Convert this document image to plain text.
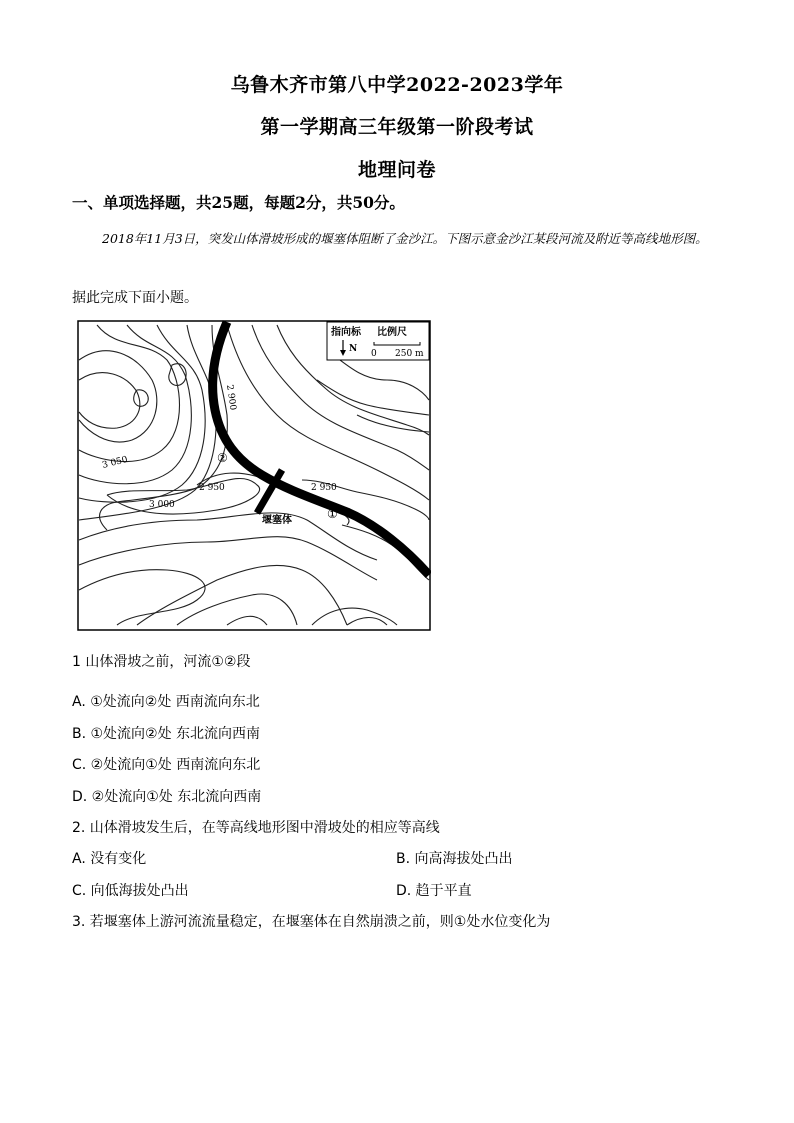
乌鲁木齐市第八中学2022-2023学年
第一学期高三年级第一阶段考试
地理问卷
一、单项选择题，共25题，每题2分，共50分。
2018年11月3日，突发山体滑坡形成的堰塞体阻断了金沙江。下图示意金沙江某段河流及附近等高线地形图。
据此完成下面小题。
指向标 比例尺
N 0 250 m
2 900
3 050
3 000
2 950	2 950
②
①
堰塞体
1 山体滑坡之前，河流①②段
A. ①处流向②处 西南流向东北
B. ①处流向②处 东北流向西南
C. ②处流向①处 西南流向东北
D. ②处流向①处 东北流向西南
2. 山体滑坡发生后，在等高线地形图中滑坡处的相应等高线
A. 没有变化	B. 向高海拔处凸出
C. 向低海拔处凸出	D. 趋于平直
3. 若堰塞体上游河流流量稳定，在堰塞体在自然崩溃之前，则①处水位变化为
